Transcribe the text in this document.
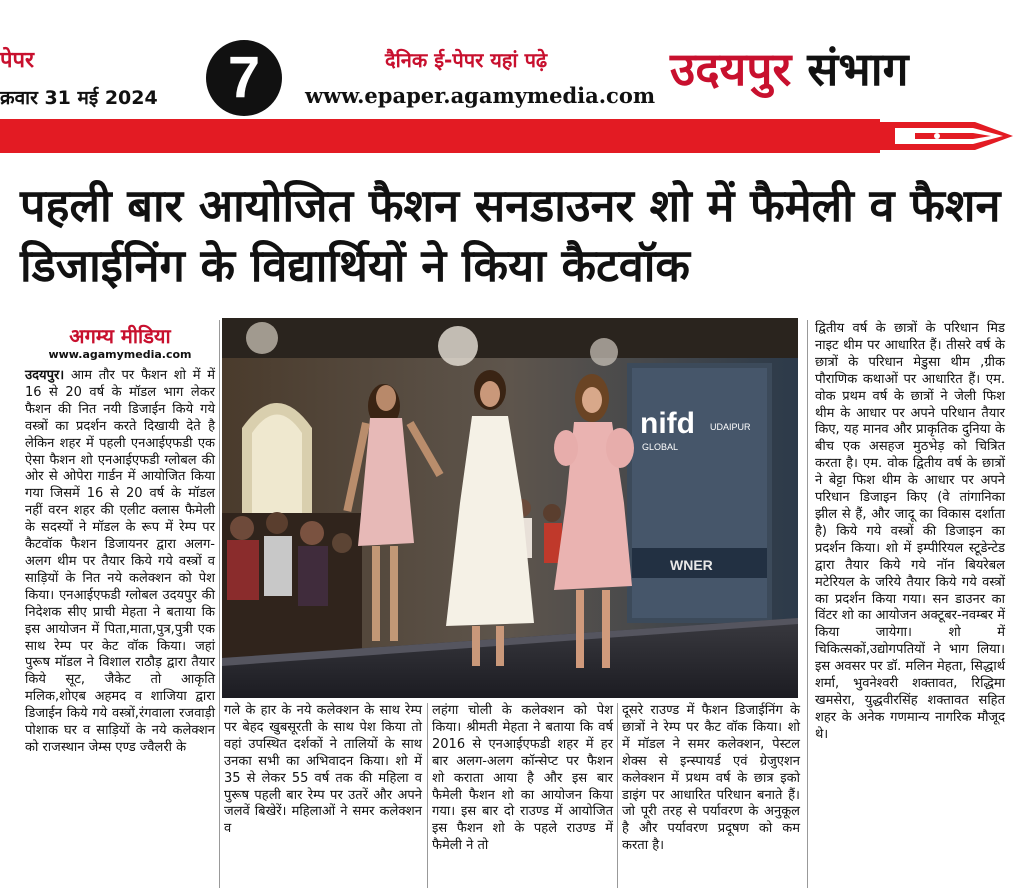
पेपर
क्रवार 31 मई 2024	7	दैनिक ई-पेपर यहां पढ़े
www.epaper.agamymedia.com उदयपुर संभाग
पहली बार आयोजित फैशन सनडाउनर शो में फैमेली व फैशन डिजाईनिंग के विद्यार्थियों ने किया कैटवॉक
अगम्य मीडिया
www.agamymedia.com
उदयपुर। आम तौर पर फैशन शो में में 16 से 20 वर्ष के मॉडल भाग लेकर फैशन की नित नयी डिजाईन किये गये वस्त्रों का प्रदर्शन करते दिखायी देते है लेकिन शहर में पहली एनआईएफडी एक ऐसा फैशन शो एनआईएफडी ग्लोबल की ओर से ओपेरा गार्डन में आयोजित किया गया जिसमें 16 से 20 वर्ष के मॉडल नहीं वरन शहर की एलीट क्लास फैमेली के सदस्यों ने मॉडल के रूप में रेम्प पर कैटवॉक फैशन डिजायनर द्वारा अलग-अलग थीम पर तैयार किये गये वस्त्रों व साड़ियों के नित नये कलेक्शन को पेश किया। एनआईएफडी ग्लोबल उदयपुर की निदेशक सीए प्राची मेहता ने बताया कि इस आयोजन में पिता,माता,पुत्र,पुत्री एक साथ रेम्प पर केट वॉक किया। जहां पुरूष मॉडल ने विशाल राठौड़ द्वारा तैयार किये सूट, जैकेट तो आकृति मलिक,शोएब अहमद व शाजिया द्वारा डिजाईन किये गये वस्त्रों,रंगवाला रजवाड़ी पोशाक घर व साड़ियों के नये कलेक्शन को राजस्थान जेम्स एण्ड ज्वैलरी के
nifd
GLOBAL
UDAIPUR
WNER
गले के हार के नये कलेक्शन के साथ रेम्प पर बेहद खुबसूरती के साथ पेश किया तो वहां उपस्थित दर्शकों ने तालियों के साथ उनका सभी का अभिवादन किया। शो में 35 से लेकर 55 वर्ष तक की महिला व पुरूष पहली बार रेम्प पर उतरें और अपने जलवें बिखेरें। महिलाओं ने समर कलेक्शन व
लहंगा चोली के कलेक्शन को पेश किया। श्रीमती मेहता ने बताया कि वर्ष 2016 से एनआईएफडी शहर में हर बार अलग-अलग कॉन्सेप्ट पर फैशन शो कराता आया है और इस बार फैमेली फैशन शो का आयोजन किया गया। इस बार दो राउण्ड में आयोजित इस फैशन शो के पहले राउण्ड में फैमेली ने तो
दूसरे राउण्ड में फैशन डिजाईनिंग के छात्रों ने रेम्प पर कैट वॉक किया। शो में मॉडल ने समर कलेक्शन, पेस्टल शेक्स से इन्स्पायर्ड एवं ग्रेजुएशन कलेक्शन में प्रथम वर्ष के छात्र इको डाइंग पर आधारित परिधान बनाते हैं। जो पूरी तरह से पर्यावरण के अनुकूल है और पर्यावरण प्रदूषण को कम करता है।
द्वितीय वर्ष के छात्रों के परिधान मिड नाइट थीम पर आधारित हैं। तीसरे वर्ष के छात्रों के परिधान मेडुसा थीम ,ग्रीक पौराणिक कथाओं पर आधारित हैं। एम. वोक प्रथम वर्ष के छात्रों ने जेली फिश थीम के आधार पर अपने परिधान तैयार किए, यह मानव और प्राकृतिक दुनिया के बीच एक असहज मुठभेड़ को चित्रित करता है। एम. वोक द्वितीय वर्ष के छात्रों ने बेट्टा फिश थीम के आधार पर अपने परिधान डिजाइन किए (वे तांगानिका झील से हैं, और जादू का विकास दर्शाता है) किये गये वस्त्रों की डिजाइन का प्रदर्शन किया। शो में इम्पीरियल स्टूडेन्टेड द्वारा तैयार किये गये नॉन बियरेबल मटेरियल के जरिये तैयार किये गये वस्त्रों का प्रदर्शन किया गया। सन डाउनर का विंटर शो का आयोजन अक्टूबर-नवम्बर में किया जायेगा। शो में चिकित्सकों,उद्योगपतियों ने भाग लिया। इस अवसर पर डॉ. मलिन मेहता, सिद्धार्थ शर्मा, भुवनेश्वरी शक्तावत, रिद्धिमा खमसेरा, युद्धवीरसिंह शक्तावत सहित शहर के अनेक गणमान्य नागरिक मौजूद थे।
